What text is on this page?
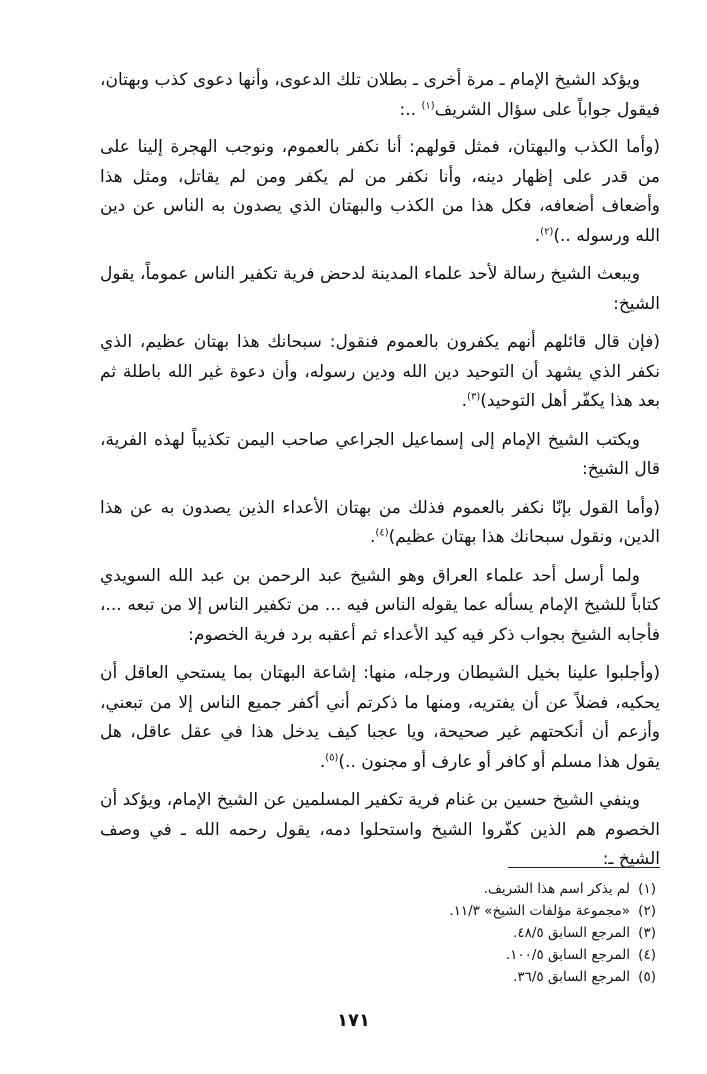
ويؤكد الشيخ الإمام ـ مرة أخرى ـ بطلان تلك الدعوى، وأنها دعوى كذب وبهتان، فيقول جواباً على سؤال الشريف$^{(١)}$ ..:

(وأما الكذب والبهتان، فمثل قولهم: أنا نكفر بالعموم، ونوجب الهجرة إلينا على من قدر على إظهار دينه، وأنا نكفر من لم يكفر ومن لم يقاتل، ومثل هذا وأضعاف أضعافه، فكل هذا من الكذب والبهتان الذي يصدون به الناس عن دين الله ورسوله ..)$^{(٢)}$.

ويبعث الشيخ رسالة لأحد علماء المدينة لدحض فرية تكفير الناس عموماً، يقول الشيخ:

(فإن قال قائلهم أنهم يكفرون بالعموم فنقول: سبحانك هذا بهتان عظيم، الذي نكفر الذي يشهد أن التوحيد دين الله ودين رسوله، وأن دعوة غير الله باطلة ثم بعد هذا يكفّر أهل التوحيد)$^{(٣)}$.

ويكتب الشيخ الإمام إلى إسماعيل الجراعي صاحب اليمن تكذيباً لهذه الفرية، قال الشيخ:

(وأما القول بإنّا نكفر بالعموم فذلك من بهتان الأعداء الذين يصدون به عن هذا الدين، ونقول سبحانك هذا بهتان عظيم)$^{(٤)}$.

ولما أرسل أحد علماء العراق وهو الشيخ عبد الرحمن بن عبد الله السويدي كتاباً للشيخ الإمام يسأله عما يقوله الناس فيه ... من تكفير الناس إلا من تبعه ...، فأجابه الشيخ بجواب ذكر فيه كيد الأعداء ثم أعقبه برد فرية الخصوم:

(وأجلبوا علينا بخيل الشيطان ورجله، منها: إشاعة البهتان بما يستحي العاقل أن يحكيه، فضلاً عن أن يفتريه، ومنها ما ذكرتم أني أكفر جميع الناس إلا من تبعني، وأزعم أن أنكحتهم غير صحيحة، ويا عجبا كيف يدخل هذا في عقل عاقل، هل يقول هذا مسلم أو كافر أو عارف أو مجنون ..)$^{(٥)}$.

وينفي الشيخ حسين بن غنام فرية تكفير المسلمين عن الشيخ الإمام، ويؤكد أن الخصوم هم الذين كفّروا الشيخ واستحلوا دمه، يقول رحمه الله ـ في وصف الشيخ ـ:

(١)لم يذكر اسم هذا الشريف.
(٢)«مجموعة مؤلفات الشيخ» ١١/٣.
(٣)المرجع السابق ٤٨/٥.
(٤)المرجع السابق ١٠٠/٥.
(٥)المرجع السابق ٣٦/٥.
١٧١
